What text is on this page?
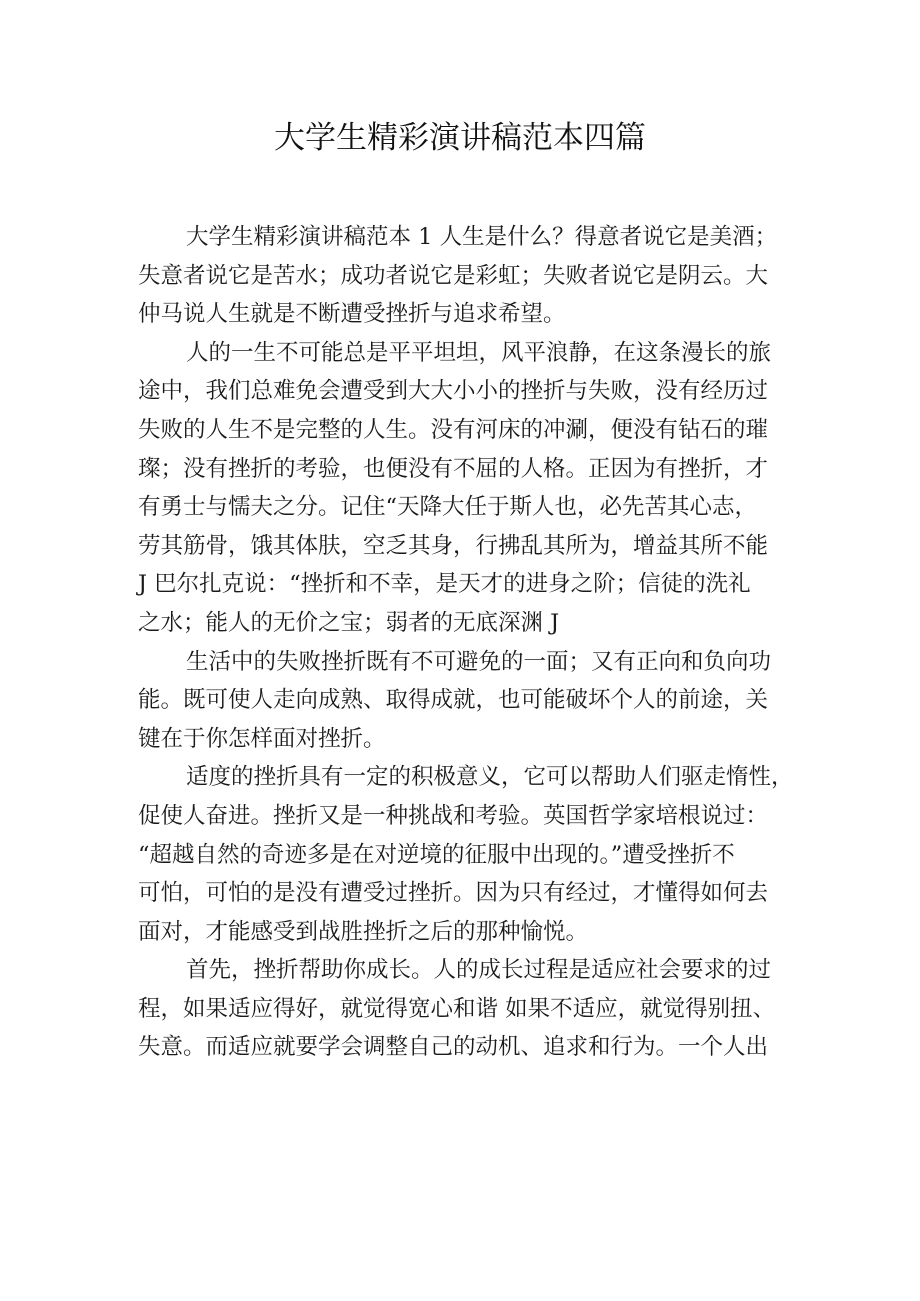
大学生精彩演讲稿范本四篇
大学生精彩演讲稿范本 1 人生是什么？得意者说它是美酒；
失意者说它是苦水；成功者说它是彩虹；失败者说它是阴云。大
仲马说人生就是不断遭受挫折与追求希望。
人的一生不可能总是平平坦坦，风平浪静，在这条漫长的旅
途中，我们总难免会遭受到大大小小的挫折与失败，没有经历过
失败的人生不是完整的人生。没有河床的冲涮，便没有钻石的璀
璨；没有挫折的考验，也便没有不屈的人格。正因为有挫折，才
有勇士与懦夫之分。记住“天降大任于斯人也，必先苦其心志，
劳其筋骨，饿其体肤，空乏其身，行拂乱其所为，增益其所不能
J 巴尔扎克说：“挫折和不幸，是天才的进身之阶；信徒的洗礼
之水；能人的无价之宝；弱者的无底深渊 J
生活中的失败挫折既有不可避免的一面；又有正向和负向功
能。既可使人走向成熟、取得成就，也可能破坏个人的前途，关
键在于你怎样面对挫折。
适度的挫折具有一定的积极意义，它可以帮助人们驱走惰性，
促使人奋进。挫折又是一种挑战和考验。英国哲学家培根说过：
“超越自然的奇迹多是在对逆境的征服中出现的。”遭受挫折不
可怕，可怕的是没有遭受过挫折。因为只有经过，才懂得如何去
面对，才能感受到战胜挫折之后的那种愉悦。
首先，挫折帮助你成长。人的成长过程是适应社会要求的过
程，如果适应得好，就觉得宽心和谐 如果不适应，就觉得别扭、
失意。而适应就要学会调整自己的动机、追求和行为。一个人出
